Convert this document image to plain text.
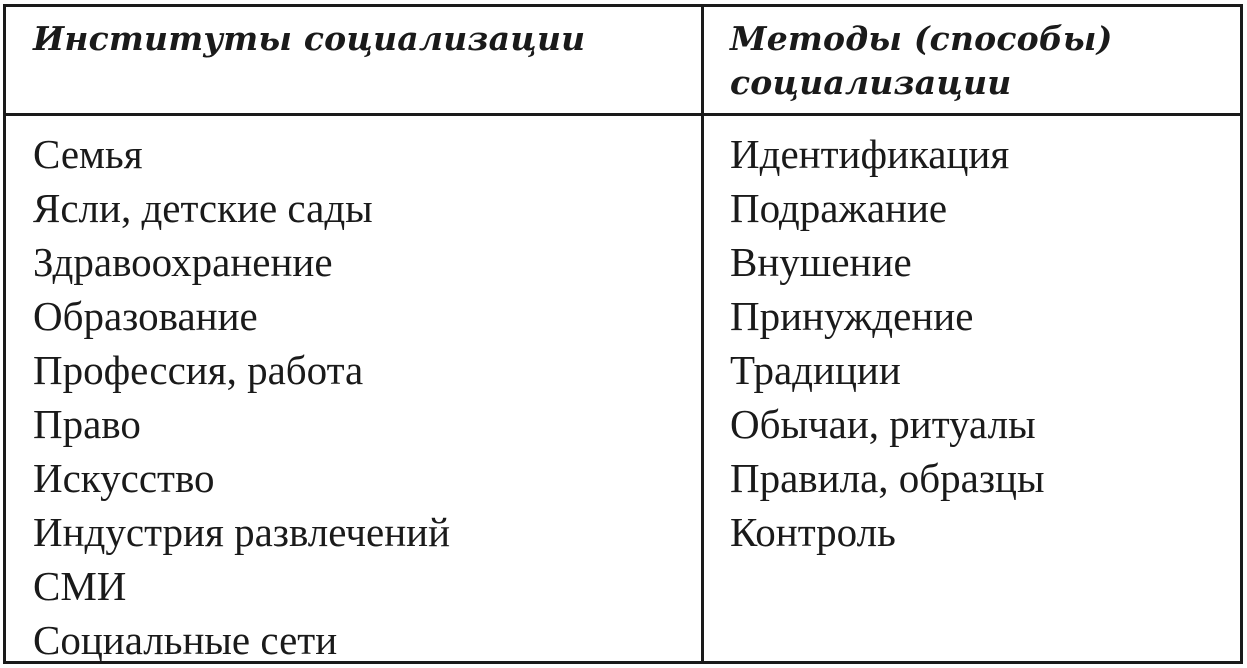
Институты социализации	Методы (способы) социализации
Семья
Ясли, детские сады
Здравоохранение
Образование
Профессия, работа
Право
Искусство
Индустрия развлечений
СМИ
Социальные сети
Идентификация
Подражание
Внушение
Принуждение
Традиции
Обычаи, ритуалы
Правила, образцы
Контроль
